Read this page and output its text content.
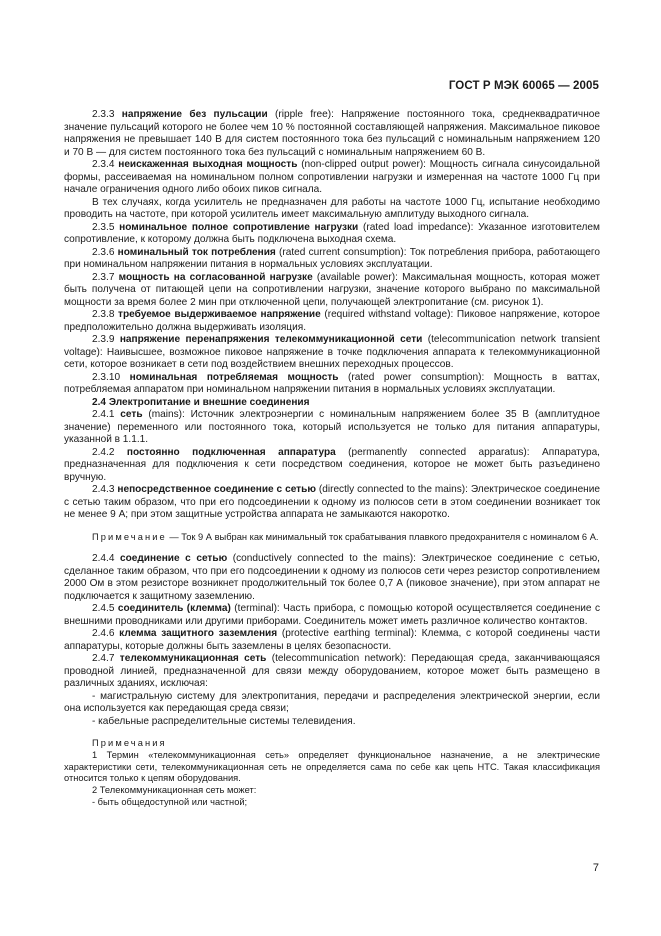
ГОСТ Р МЭК 60065 — 2005

2.3.3 напряжение без пульсации (ripple free): Напряжение постоянного тока, среднеквадратичное значение пульсаций которого не более чем 10 % постоянной составляющей напряжения. Максимальное пиковое напряжения не превышает 140 В для систем постоянного тока без пульсаций с номинальным напряжением 120 и 70 В — для систем постоянного тока без пульсаций с номинальным напряжением 60 В.

2.3.4 неискаженная выходная мощность (non-clipped output power): Мощность сигнала синусоидальной формы, рассеиваемая на номинальном полном сопротивлении нагрузки и измеренная на частоте 1000 Гц при начале ограничения одного либо обоих пиков сигнала.

В тех случаях, когда усилитель не предназначен для работы на частоте 1000 Гц, испытание необходимо проводить на частоте, при которой усилитель имеет максимальную амплитуду выходного сигнала.

2.3.5 номинальное полное сопротивление нагрузки (rated load impedance): Указанное изготовителем сопротивление, к которому должна быть подключена выходная схема.

2.3.6 номинальный ток потребления (rated current consumption): Ток потребления прибора, работающего при номинальном напряжении питания в нормальных условиях эксплуатации.

2.3.7 мощность на согласованной нагрузке (available power): Максимальная мощность, которая может быть получена от питающей цепи на сопротивлении нагрузки, значение которого выбрано по максимальной мощности за время более 2 мин при отключенной цепи, получающей электропитание (см. рисунок 1).

2.3.8 требуемое выдерживаемое напряжение (required withstand voltage): Пиковое напряжение, которое предположительно должна выдерживать изоляция.

2.3.9 напряжение перенапряжения телекоммуникационной сети (telecommunication network transient voltage): Наивысшее, возможное пиковое напряжение в точке подключения аппарата к телекоммуникационной сети, которое возникает в сети под воздействием внешних переходных процессов.

2.3.10 номинальная потребляемая мощность (rated power consumption): Мощность в ваттах, потребляемая аппаратом при номинальном напряжении питания в нормальных условиях эксплуатации.

2.4 Электропитание и внешние соединения

2.4.1 сеть (mains): Источник электроэнергии с номинальным напряжением более 35 В (амплитудное значение) переменного или постоянного тока, который используется не только для питания аппаратуры, указанной в 1.1.1.

2.4.2 постоянно подключенная аппаратура (permanently connected apparatus): Аппаратура, предназначенная для подключения к сети посредством соединения, которое не может быть разъединено вручную.

2.4.3 непосредственное соединение с сетью (directly connected to the mains): Электрическое соединение с сетью таким образом, что при его подсоединении к одному из полюсов сети в этом соединении возникает ток не менее 9 А; при этом защитные устройства аппарата не замыкаются накоротко.

Примечание — Ток 9 А выбран как минимальный ток срабатывания плавкого предохранителя с номиналом 6 А.

2.4.4 соединение с сетью (conductively connected to the mains): Электрическое соединение с сетью, сделанное таким образом, что при его подсоединении к одному из полюсов сети через резистор сопротивлением 2000 Ом в этом резисторе возникнет продолжительный ток более 0,7 А (пиковое значение), при этом аппарат не подключается к защитному заземлению.

2.4.5 соединитель (клемма) (terminal): Часть прибора, с помощью которой осуществляется соединение с внешними проводниками или другими приборами. Соединитель может иметь различное количество контактов.

2.4.6 клемма защитного заземления (protective earthing terminal): Клемма, с которой соединены части аппаратуры, которые должны быть заземлены в целях безопасности.

2.4.7 телекоммуникационная сеть (telecommunication network): Передающая среда, заканчивающаяся проводной линией, предназначенной для связи между оборудованием, которое может быть размещено в различных зданиях, исключая:

- магистральную систему для электропитания, передачи и распределения электрической энергии, если она используется как передающая среда связи;

- кабельные распределительные системы телевидения.

Примечания

1 Термин «телекоммуникационная сеть» определяет функциональное назначение, а не электрические характеристики сети, телекоммуникационная сеть не определяется сама по себе как цепь НТС. Такая классификация относится только к цепям оборудования.

2 Телекоммуникационная сеть может:

- быть общедоступной или частной;

7
